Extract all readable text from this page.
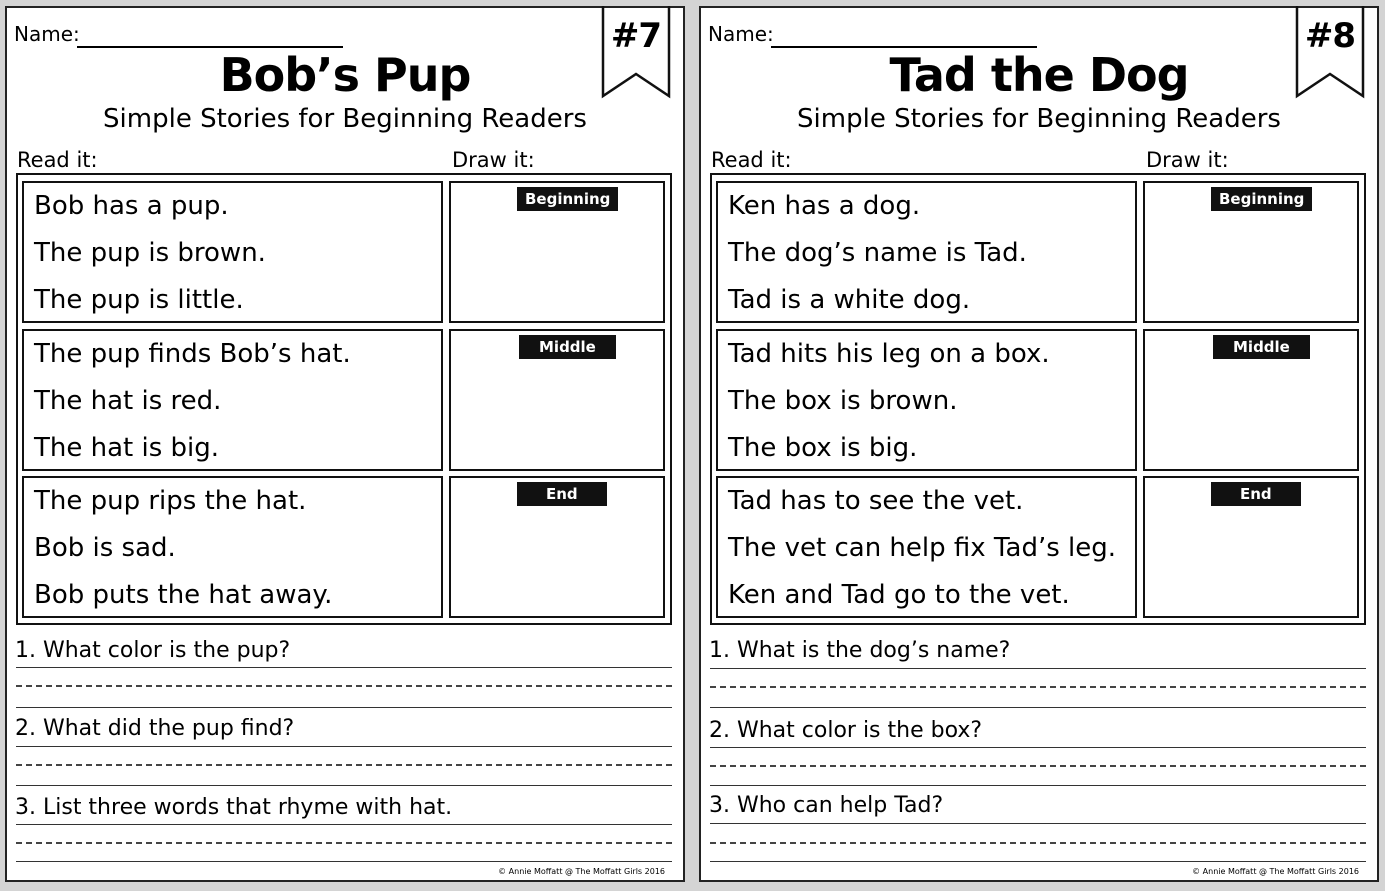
Name:	#7
Bob’s Pup
Simple Stories for Beginning Readers
Read it:	Draw it:
Bob has a pup.
The pup is brown.
The pup is little.
Beginning
The pup finds Bob’s hat.
The hat is red.
The hat is big.
Middle
The pup rips the hat.
Bob is sad.
Bob puts the hat away.
End
1. What color is the pup?
2. What did the pup find?
3. List three words that rhyme with hat.
© Annie Moffatt @ The Moffatt Girls 2016
Name:	#8
Tad the Dog
Simple Stories for Beginning Readers
Read it:	Draw it:
Ken has a dog.
The dog’s name is Tad.
Tad is a white dog.
Beginning
Tad hits his leg on a box.
The box is brown.
The box is big.
Middle
Tad has to see the vet.
The vet can help fix Tad’s leg.
Ken and Tad go to the vet.
End
1. What is the dog’s name?
2. What color is the box?
3. Who can help Tad?
© Annie Moffatt @ The Moffatt Girls 2016
